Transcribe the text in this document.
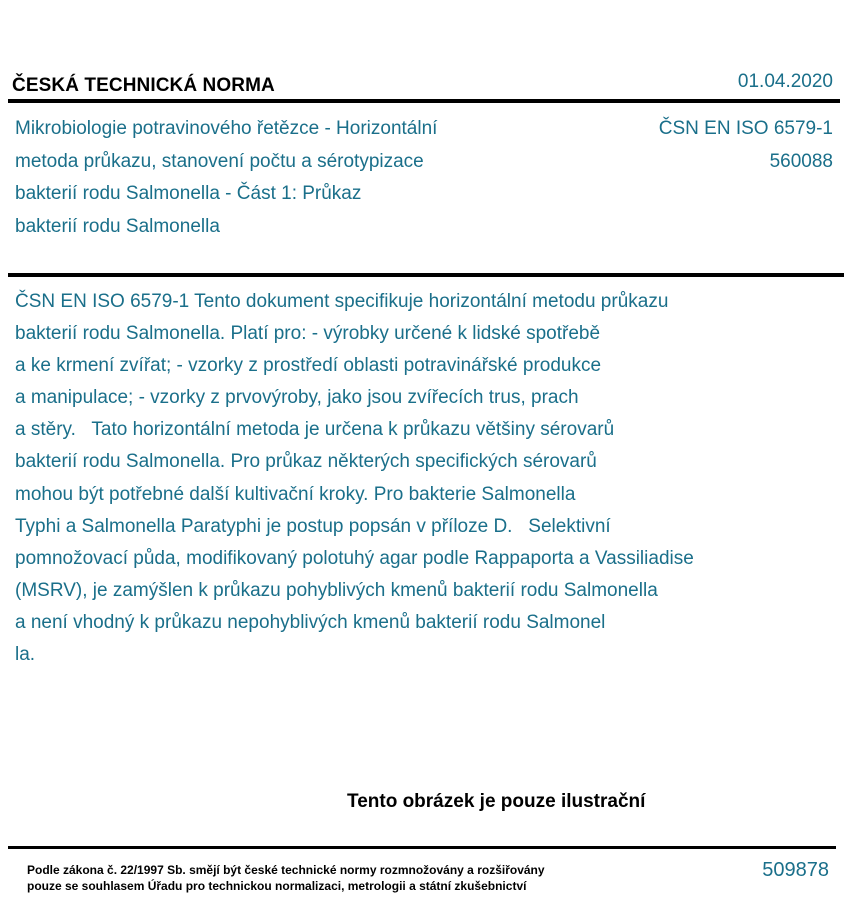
ČESKÁ TECHNICKÁ NORMA	01.04.2020
Mikrobiologie potravinového řetězce - Horizontální
metoda průkazu, stanovení počtu a sérotypizace
bakterií rodu Salmonella - Část 1: Průkaz
bakterií rodu Salmonella
ČSN EN ISO 6579-1
560088
ČSN EN ISO 6579-1 Tento dokument specifikuje horizontální metodu průkazu
bakterií rodu Salmonella. Platí pro: - výrobky určené k lidské spotřebě
a ke krmení zvířat; - vzorky z prostředí oblasti potravinářské produkce
a manipulace; - vzorky z prvovýroby, jako jsou zvířecích trus, prach
a stěry.   Tato horizontální metoda je určena k průkazu většiny sérovarů
bakterií rodu Salmonella. Pro průkaz některých specifických sérovarů
mohou být potřebné další kultivační kroky. Pro bakterie Salmonella
Typhi a Salmonella Paratyphi je postup popsán v příloze D.   Selektivní
pomnožovací půda, modifikovaný polotuhý agar podle Rappaporta a Vassiliadise
(MSRV), je zamýšlen k průkazu pohyblivých kmenů bakterií rodu Salmonella
a není vhodný k průkazu nepohyblivých kmenů bakterií rodu Salmonel
la.
Tento obrázek je pouze ilustrační
Podle zákona č. 22/1997 Sb. smějí být české technické normy rozmnožovány a rozšiřovány
pouze se souhlasem Úřadu pro technickou normalizaci, metrologii a státní zkušebnictví
509878
